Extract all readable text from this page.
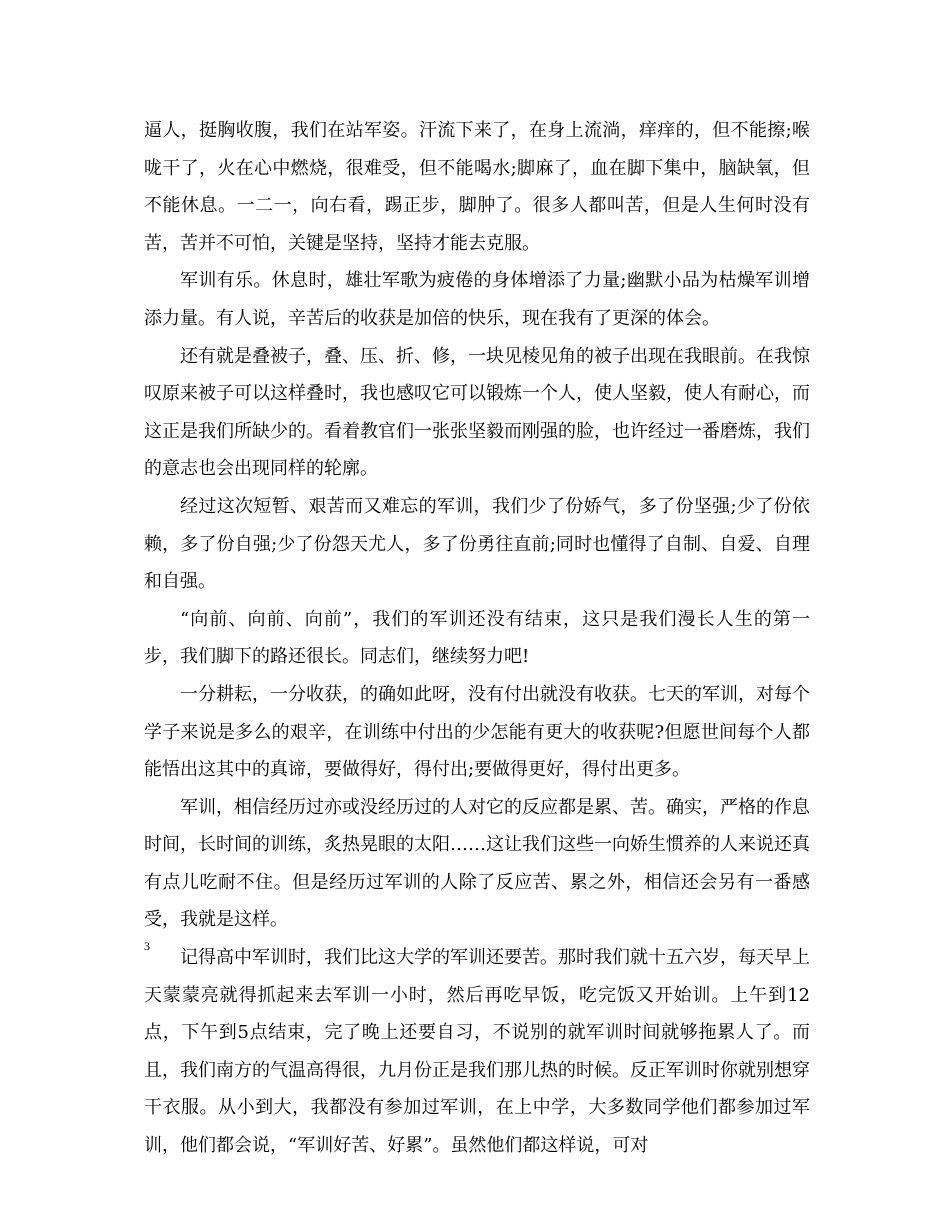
逼人，挺胸收腹，我们在站军姿。汗流下来了，在身上流淌，痒痒的，但不能擦;喉咙干了，火在心中燃烧，很难受，但不能喝水;脚麻了，血在脚下集中，脑缺氧，但不能休息。一二一，向右看，踢正步，脚肿了。很多人都叫苦，但是人生何时没有苦，苦并不可怕，关键是坚持，坚持才能去克服。

军训有乐。休息时，雄壮军歌为疲倦的身体增添了力量;幽默小品为枯燥军训增添力量。有人说，辛苦后的收获是加倍的快乐，现在我有了更深的体会。

还有就是叠被子，叠、压、折、修，一块见棱见角的被子出现在我眼前。在我惊叹原来被子可以这样叠时，我也感叹它可以锻炼一个人，使人坚毅，使人有耐心，而这正是我们所缺少的。看着教官们一张张坚毅而刚强的脸，也许经过一番磨炼，我们的意志也会出现同样的轮廓。

经过这次短暂、艰苦而又难忘的军训，我们少了份娇气，多了份坚强;少了份依赖，多了份自强;少了份怨天尤人，多了份勇往直前;同时也懂得了自制、自爱、自理和自强。

“向前、向前、向前”，我们的军训还没有结束，这只是我们漫长人生的第一步，我们脚下的路还很长。同志们，继续努力吧!

一分耕耘，一分收获，的确如此呀，没有付出就没有收获。七天的军训，对每个学子来说是多么的艰辛，在训练中付出的少怎能有更大的收获呢?但愿世间每个人都能悟出这其中的真谛，要做得好，得付出;要做得更好，得付出更多。

军训，相信经历过亦或没经历过的人对它的反应都是累、苦。确实，严格的作息时间，长时间的训练，炙热晃眼的太阳……这让我们这些一向娇生惯养的人来说还真有点儿吃耐不住。但是经历过军训的人除了反应苦、累之外，相信还会另有一番感受，我就是这样。

记得高中军训时，我们比这大学的军训还要苦。那时我们就十五六岁，每天早上天蒙蒙亮就得抓起来去军训一小时，然后再吃早饭，吃完饭又开始训。上午到12 点，下午到5点结束，完了晚上还要自习，不说别的就军训时间就够拖累人了。而且，我们南方的气温高得很，九月份正是我们那儿热的时候。反正军训时你就别想穿干衣服。从小到大，我都没有参加过军训，在上中学，大多数同学他们都参加过军训，他们都会说，“军训好苦、好累”。虽然他们都这样说，可对

3
